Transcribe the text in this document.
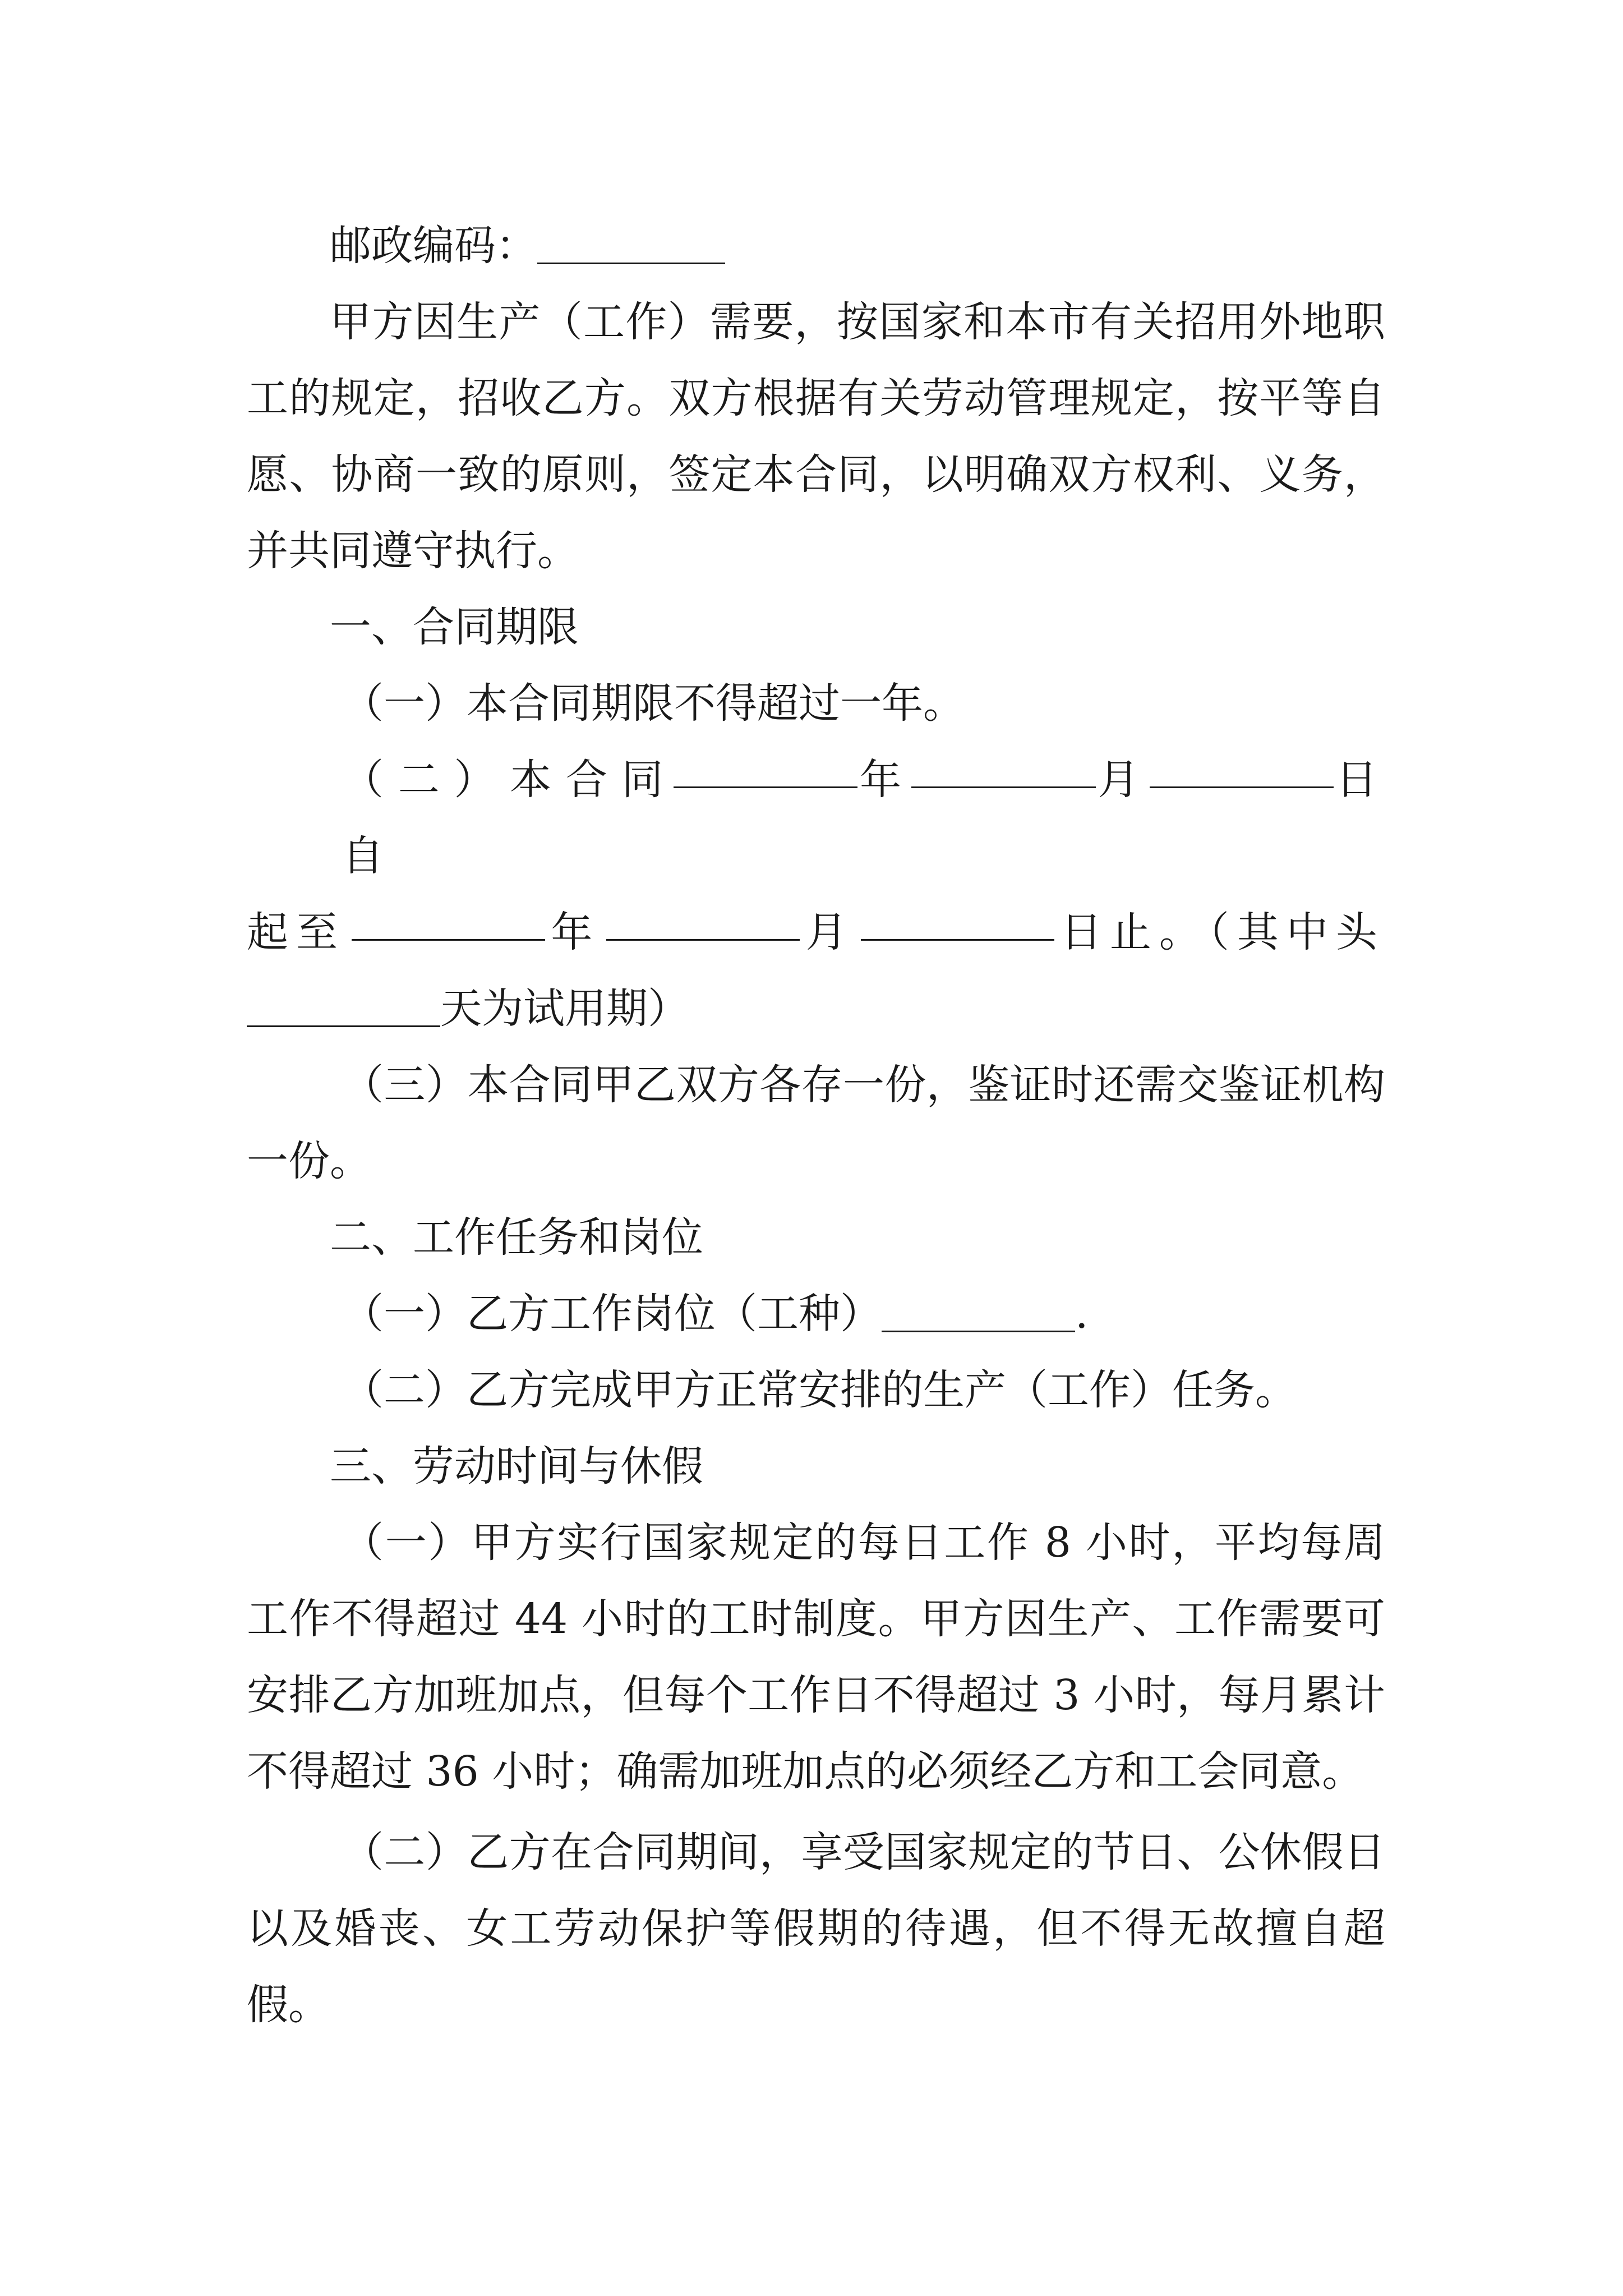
邮政编码：

甲方因生产（工作）需要，按国家和本市有关招用外地职工的规定，招收乙方。双方根据有关劳动管理规定，按平等自愿、协商一致的原则，签定本合同，以明确双方权利、义务，并共同遵守执行。

一、合同期限

（一）本合同期限不得超过一年。

（二）本合同自
年	月	日

起至	年	月	日止。（其中头

天为试用期）

（三）本合同甲乙双方各存一份，鉴证时还需交鉴证机构一份。

二、工作任务和岗位

（一）乙方工作岗位（工种）	.

（二）乙方完成甲方正常安排的生产（工作）任务。

三、劳动时间与休假

（一）甲方实行国家规定的每日工作 8 小时，平均每周工作不得超过 44 小时的工时制度。甲方因生产、工作需要可安排乙方加班加点，但每个工作日不得超过 3 小时，每月累计不得超过 36 小时；确需加班加点的必须经乙方和工会同意。

（二）乙方在合同期间，享受国家规定的节日、公休假日以及婚丧、女工劳动保护等假期的待遇，但不得无故擅自超假。
